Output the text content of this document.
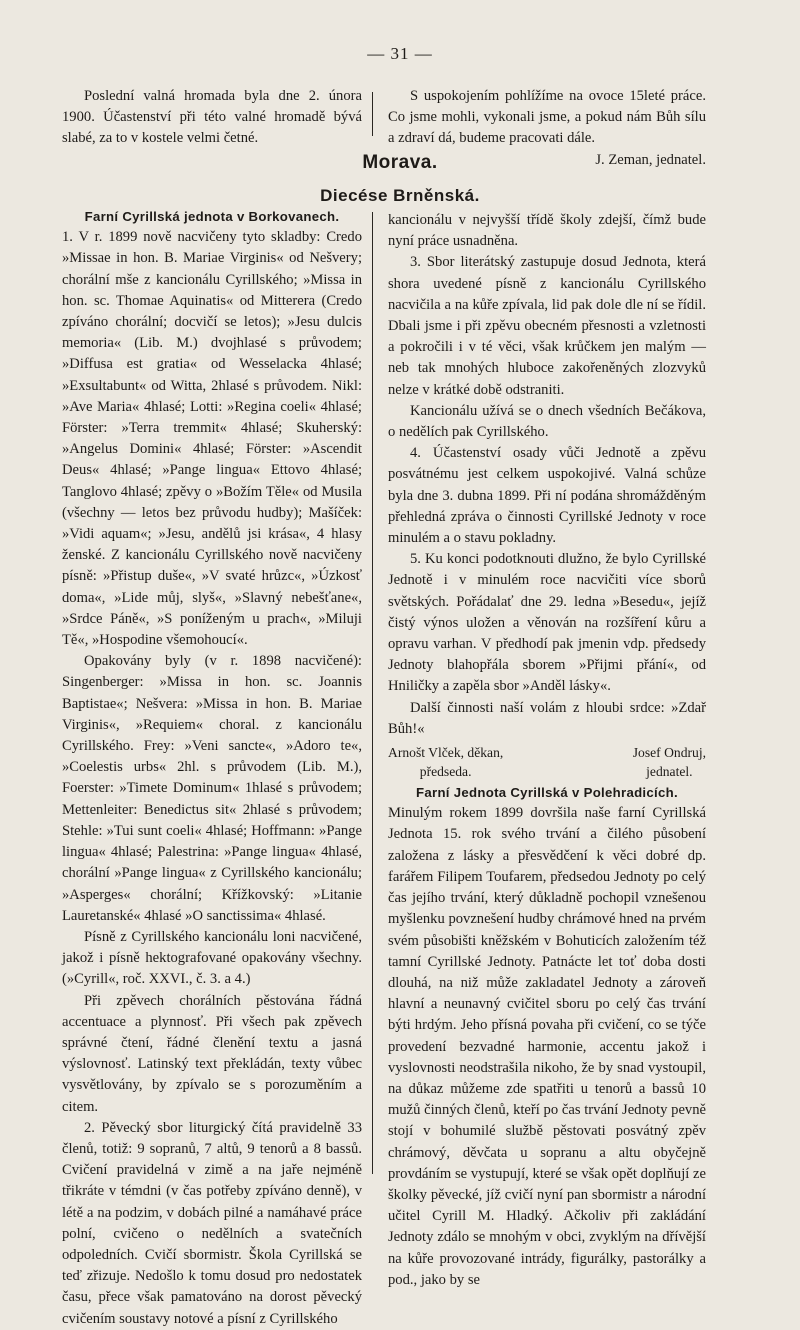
— 31 —

Poslední valná hromada byla dne 2. února 1900. Účastenství při této valné hromadě bývá slabé, za to v kostele velmi četné.

S uspokojením pohlížíme na ovoce 15leté práce. Co jsme mohli, vykonali jsme, a pokud nám Bůh sílu a zdraví dá, budeme pracovati dále.

J. Zeman, jednatel.

Morava.
Diecése Brněnská.

Farní Cyrillská jednota v Borkovanech.

1. V r. 1899 nově nacvičeny tyto skladby: Credo »Missae in hon. B. Mariae Virginis« od Nešvery; chorální mše z kancionálu Cyrillského; »Missa in hon. sc. Thomae Aquinatis« od Mitterera (Credo zpíváno chorální; docvičí se letos); »Jesu dulcis memoria« (Lib. M.) dvojhlasé s průvodem; »Diffusa est gratia« od Wesselacka 4hlasé; »Exsultabunt« od Witta, 2hlasé s průvodem. Nikl: »Ave Maria« 4hlasé; Lotti: »Regina coeli« 4hlasé; Förster: »Terra tremmit« 4hlasé; Skuherský: »Angelus Domini« 4hlasé; Förster: »Ascendit Deus« 4hlasé; »Pange lingua« Ettovo 4hlasé; Tanglovo 4hlasé; zpěvy o »Božím Těle« od Musila (všechny — letos bez průvodu hudby); Mašíček: »Vidi aquam«; »Jesu, andělů jsi krása«, 4 hlasy ženské. Z kancionálu Cyrillského nově nacvičeny písně: »Přistup duše«, »V svaté hrůzc«, »Úzkosť doma«, »Lide můj, slyš«, »Slavný nebešťane«, »Srdce Páně«, »S poníženým u prach«, »Miluji Tě«, »Hospodine všemohoucí«.

Opakovány byly (v r. 1898 nacvičené): Singenberger: »Missa in hon. sc. Joannis Baptistae«; Nešvera: »Missa in hon. B. Mariae Virginis«, »Requiem« choral. z kancionálu Cyrillského. Frey: »Veni sancte«, »Adoro te«, »Coelestis urbs« 2hl. s průvodem (Lib. M.), Foerster: »Timete Dominum« 1hlasé s průvodem; Mettenleiter: Benedictus sit« 2hlasé s průvodem; Stehle: »Tui sunt coeli« 4hlasé; Hoffmann: »Pange lingua« 4hlasé; Palestrina: »Pange lingua« 4hlasé, chorální »Pange lingua« z Cyrillského kancionálu; »Asperges« chorální; Křížkovský: »Litanie Lauretanské« 4hlasé »O sanctissima« 4hlasé.

Písně z Cyrillského kancionálu loni nacvičené, jakož i písně hektografované opakovány všechny. (»Cyrill«, roč. XXVI., č. 3. a 4.)

Při zpěvech chorálních pěstována řádná accentuace a plynnosť. Při všech pak zpěvech správné čtení, řádné členění textu a jasná výslovnosť. Latinský text překládán, texty vůbec vysvětlovány, by zpívalo se s porozuměním a citem.

2. Pěvecký sbor liturgický čítá pravidelně 33 členů, totiž: 9 sopranů, 7 altů, 9 tenorů a 8 bassů. Cvičení pravidelná v zimě a na jaře nejméně třikráte v témdni (v čas potřeby zpíváno denně), v létě a na podzim, v dobách pilné a namáhavé práce polní, cvičeno o nedělních a svatečních odpoledních. Cvičí sbormistr. Škola Cyrillská se teď zřizuje. Nedošlo k tomu dosud pro nedostatek času, přece však pamatováno na dorost pěvecký cvičením soustavy notové a písní z Cyrillského

kancionálu v nejvyšší třídě školy zdejší, čímž bude nyní práce usnadněna.

3. Sbor literátský zastupuje dosud Jednota, která shora uvedené písně z kancionálu Cyrillského nacvičila a na kůře zpívala, lid pak dole dle ní se řídil. Dbali jsme i při zpěvu obecném přesnosti a vzletnosti a pokročili i v té věci, však krůčkem jen malým — neb tak mnohých hluboce zakořeněných zlozvyků nelze v krátké době odstraniti.

Kancionálu užívá se o dnech všedních Bečákova, o nedělích pak Cyrillského.

4. Účastenství osady vůči Jednotě a zpěvu posvátnému jest celkem uspokojivé. Valná schůze byla dne 3. dubna 1899. Při ní podána shromážděným přehledná zpráva o činnosti Cyrillské Jednoty v roce minulém a o stavu pokladny.

5. Ku konci podotknouti dlužno, že bylo Cyrillské Jednotě i v minulém roce nacvičiti více sborů světských. Pořádalať dne 29. ledna »Besedu«, jejíž čistý výnos uložen a věnován na rozšíření kůru a opravu varhan. V předhodí pak jmenin vdp. předsedy Jednoty blahopřála sborem »Přijmi přání«, od Hniličky a zapěla sbor »Anděl lásky«.

Další činnosti naší volám z hloubi srdce: »Zdař Bůh!«

Arnošt Vlček, děkan,
předseda.
Josef Ondruj,
jednatel.

Farní Jednota Cyrillská v Polehradicích.

Minulým rokem 1899 dovršila naše farní Cyrillská Jednota 15. rok svého trvání a čilého působení založena z lásky a přesvědčení k věci dobré dp. farářem Filipem Toufarem, předsedou Jednoty po celý čas jejího trvání, který důkladně pochopil vznešenou myšlenku povznešení hudby chrámové hned na prvém svém působišti kněžském v Bohuticích založením též tamní Cyrillské Jednoty. Patnácte let toť doba dosti dlouhá, na niž může zakladatel Jednoty a zároveň hlavní a neunavný cvičitel sboru po celý čas trvání býti hrdým. Jeho přísná povaha při cvičení, co se týče provedení bezvadné harmonie, accentu jakož i vyslovnosti neodstrašila nikoho, že by snad vystoupil, na důkaz můžeme zde spatřiti u tenorů a bassů 10 mužů činných členů, kteří po čas trvání Jednoty pevně stojí v bohumilé službě pěstovati posvátný zpěv chrámový, děvčata u sopranu a altu obyčejně provdáním se vystupují, které se však opět doplňují ze školky pěvecké, jíž cvičí nyní pan sbormistr a národní učitel Cyrill M. Hladký. Ačkoliv při zakládání Jednoty zdálo se mnohým v obci, zvyklým na dřívější na kůře provozované intrády, figurálky, pastorálky a pod., jako by se
